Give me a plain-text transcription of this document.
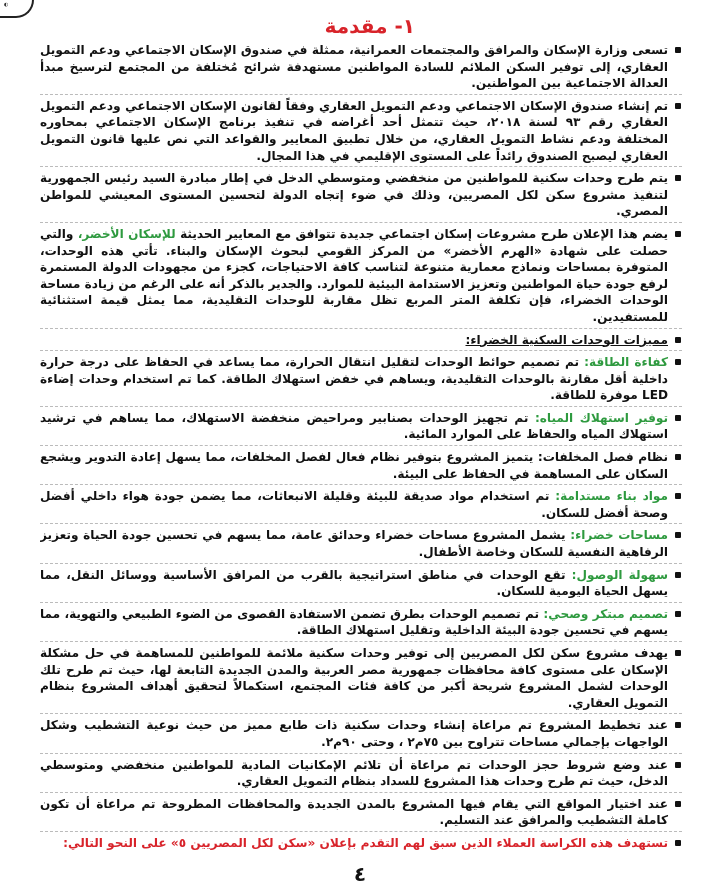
◐
١- مقدمة
تسعى وزارة الإسكان والمرافق والمجتمعات العمرانية، ممثلة في صندوق الإسكان الاجتماعي ودعم التمويل العقاري، إلى توفير السكن الملائم للسادة المواطنين مستهدفة شرائح مُختلفة من المجتمع لترسيخ مبدأ العدالة الاجتماعية بين المواطنين.
تم إنشاء صندوق الإسكان الاجتماعي ودعم التمويل العقاري وفقاً لقانون الإسكان الاجتماعي ودعم التمويل العقاري رقم ٩٣ لسنة ٢٠١٨، حيث تتمثل أحد أغراضه في تنفيذ برنامج الإسكان الاجتماعي بمحاوره المختلفة ودعم نشاط التمويل العقاري، من خلال تطبيق المعايير والقواعد التي نص عليها قانون التمويل العقاري ليصبح الصندوق رائداً على المستوى الإقليمي في هذا المجال.
يتم طرح وحدات سكنية للمواطنين من منخفضي ومتوسطي الدخل في إطار مبادرة السيد رئيس الجمهورية لتنفيذ مشروع سكن لكل المصريين، وذلك في ضوء إتجاه الدولة لتحسين المستوى المعيشي للمواطن المصري.
يضم هذا الإعلان طرح مشروعات إسكان اجتماعي جديدة تتوافق مع المعايير الحديثة للإسكان الأخضر، والتي حصلت على شهادة «الهرم الأخضر» من المركز القومي لبحوث الإسكان والبناء. تأتي هذه الوحدات، المتوفرة بمساحات ونماذج معمارية متنوعة لتناسب كافة الاحتياجات، كجزء من مجهودات الدولة المستمرة لرفع جودة حياة المواطنين وتعزيز الاستدامة البيئية للموارد. والجدير بالذكر أنه على الرغم من زيادة مساحة الوحدات الخضراء، فإن تكلفة المتر المربع تظل مقاربة للوحدات التقليدية، مما يمثل قيمة استثنائية للمستفيدين.
مميزات الوحدات السكنية الخضراء:
كفاءة الطاقة: تم تصميم حوائط الوحدات لتقليل انتقال الحرارة، مما يساعد في الحفاظ على درجة حرارة داخلية أقل مقارنة بالوحدات التقليدية، ويساهم في خفض استهلاك الطاقة. كما تم استخدام وحدات إضاءة LED موفرة للطاقة.
توفير استهلاك المياه: تم تجهيز الوحدات بصنابير ومراحيض منخفضة الاستهلاك، مما يساهم في ترشيد استهلاك المياه والحفاظ على الموارد المائية.
نظام فصل المخلفات: يتميز المشروع بتوفير نظام فعال لفصل المخلفات، مما يسهل إعادة التدوير ويشجع السكان على المساهمة في الحفاظ على البيئة.
مواد بناء مستدامة: تم استخدام مواد صديقة للبيئة وقليلة الانبعاثات، مما يضمن جودة هواء داخلي أفضل وصحة أفضل للسكان.
مساحات خضراء: يشمل المشروع مساحات خضراء وحدائق عامة، مما يسهم في تحسين جودة الحياة وتعزيز الرفاهية النفسية للسكان وخاصة الأطفال.
سهولة الوصول: تقع الوحدات في مناطق استراتيجية بالقرب من المرافق الأساسية ووسائل النقل، مما يسهل الحياة اليومية للسكان.
تصميم مبتكر وصحي: تم تصميم الوحدات بطرق تضمن الاستفادة القصوى من الضوء الطبيعي والتهوية، مما يسهم في تحسين جودة البيئة الداخلية وتقليل استهلاك الطاقة.
يهدف مشروع سكن لكل المصريين إلى توفير وحدات سكنية ملائمة للمواطنين للمساهمة في حل مشكلة الإسكان على مستوى كافة محافظات جمهورية مصر العربية والمدن الجديدة التابعة لها، حيث تم طرح تلك الوحدات لشمل المشروع شريحة أكبر من كافة فئات المجتمع، استكمالاً لتحقيق أهداف المشروع بنظام التمويل العقاري.
عند تخطيط المشروع تم مراعاة إنشاء وحدات سكنية ذات طابع مميز من حيث نوعية التشطيب وشكل الواجهات بإجمالي مساحات تتراوح بين ٧٥م٢ ، وحتى ٩٠م٢.
عند وضع شروط حجز الوحدات تم مراعاة أن تلائم الإمكانيات المادية للمواطنين منخفضي ومتوسطي الدخل، حيث تم طرح وحدات هذا المشروع للسداد بنظام التمويل العقاري.
عند اختيار المواقع التي يقام فيها المشروع بالمدن الجديدة والمحافظات المطروحة تم مراعاة أن تكون كاملة التشطيب والمرافق عند التسليم.
تستهدف هذه الكراسة العملاء الذين سبق لهم التقدم بإعلان «سكن لكل المصريين ٥» على النحو التالي:
٤
